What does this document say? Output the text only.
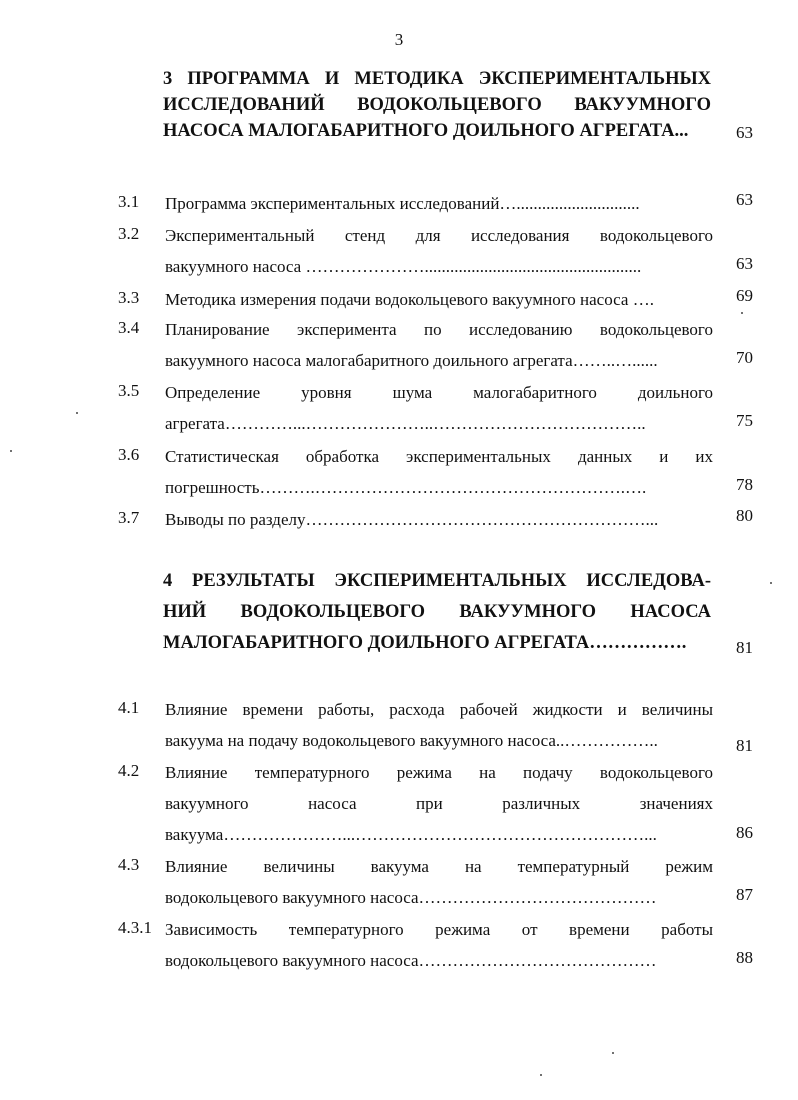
3
3 ПРОГРАММА И МЕТОДИКА ЭКСПЕРИМЕНТАЛЬНЫХ
ИССЛЕДОВАНИЙ ВОДОКОЛЬЦЕВОГО ВАКУУМНОГО
НАСОСА МАЛОГАБАРИТНОГО ДОИЛЬНОГО АГРЕГАТА...	63
3.1 Программа экспериментальных исследований….............................	63
3.2 Экспериментальный стенд для исследования водокольцевого
вакуумного насоса …………………...................................................	63
3.3 Методика измерения подачи водокольцевого вакуумного насоса ….	69
3.4 Планирование эксперимента по исследованию водокольцевого
вакуумного насоса малогабаритного доильного агрегата……..…......	70
3.5 Определение уровня шума малогабаритного доильного
агрегата…………...…………………..………………………………..	75
3.6 Статистическая обработка экспериментальных данных и их
погрешность……….……………………………………………….….	78
3.7 Выводы по разделу……………………………………………………...	80
4 РЕЗУЛЬТАТЫ ЭКСПЕРИМЕНТАЛЬНЫХ ИССЛЕДОВА-
НИЙ ВОДОКОЛЬЦЕВОГО ВАКУУМНОГО НАСОСА
МАЛОГАБАРИТНОГО ДОИЛЬНОГО АГРЕГАТА…………….	81
4.1 Влияние времени работы, расхода рабочей жидкости и величины
вакуума на подачу водокольцевого вакуумного насоса..……………..	81
4.2 Влияние температурного режима на подачу водокольцевого
вакуумного насоса при различных значениях
вакуума…………………...……………………………………………...	86
4.3 Влияние величины вакуума на температурный режим
водокольцевого вакуумного насоса……………………………………	87
4.3.1 Зависимость температурного режима от времени работы
водокольцевого вакуумного насоса……………………………………	88
